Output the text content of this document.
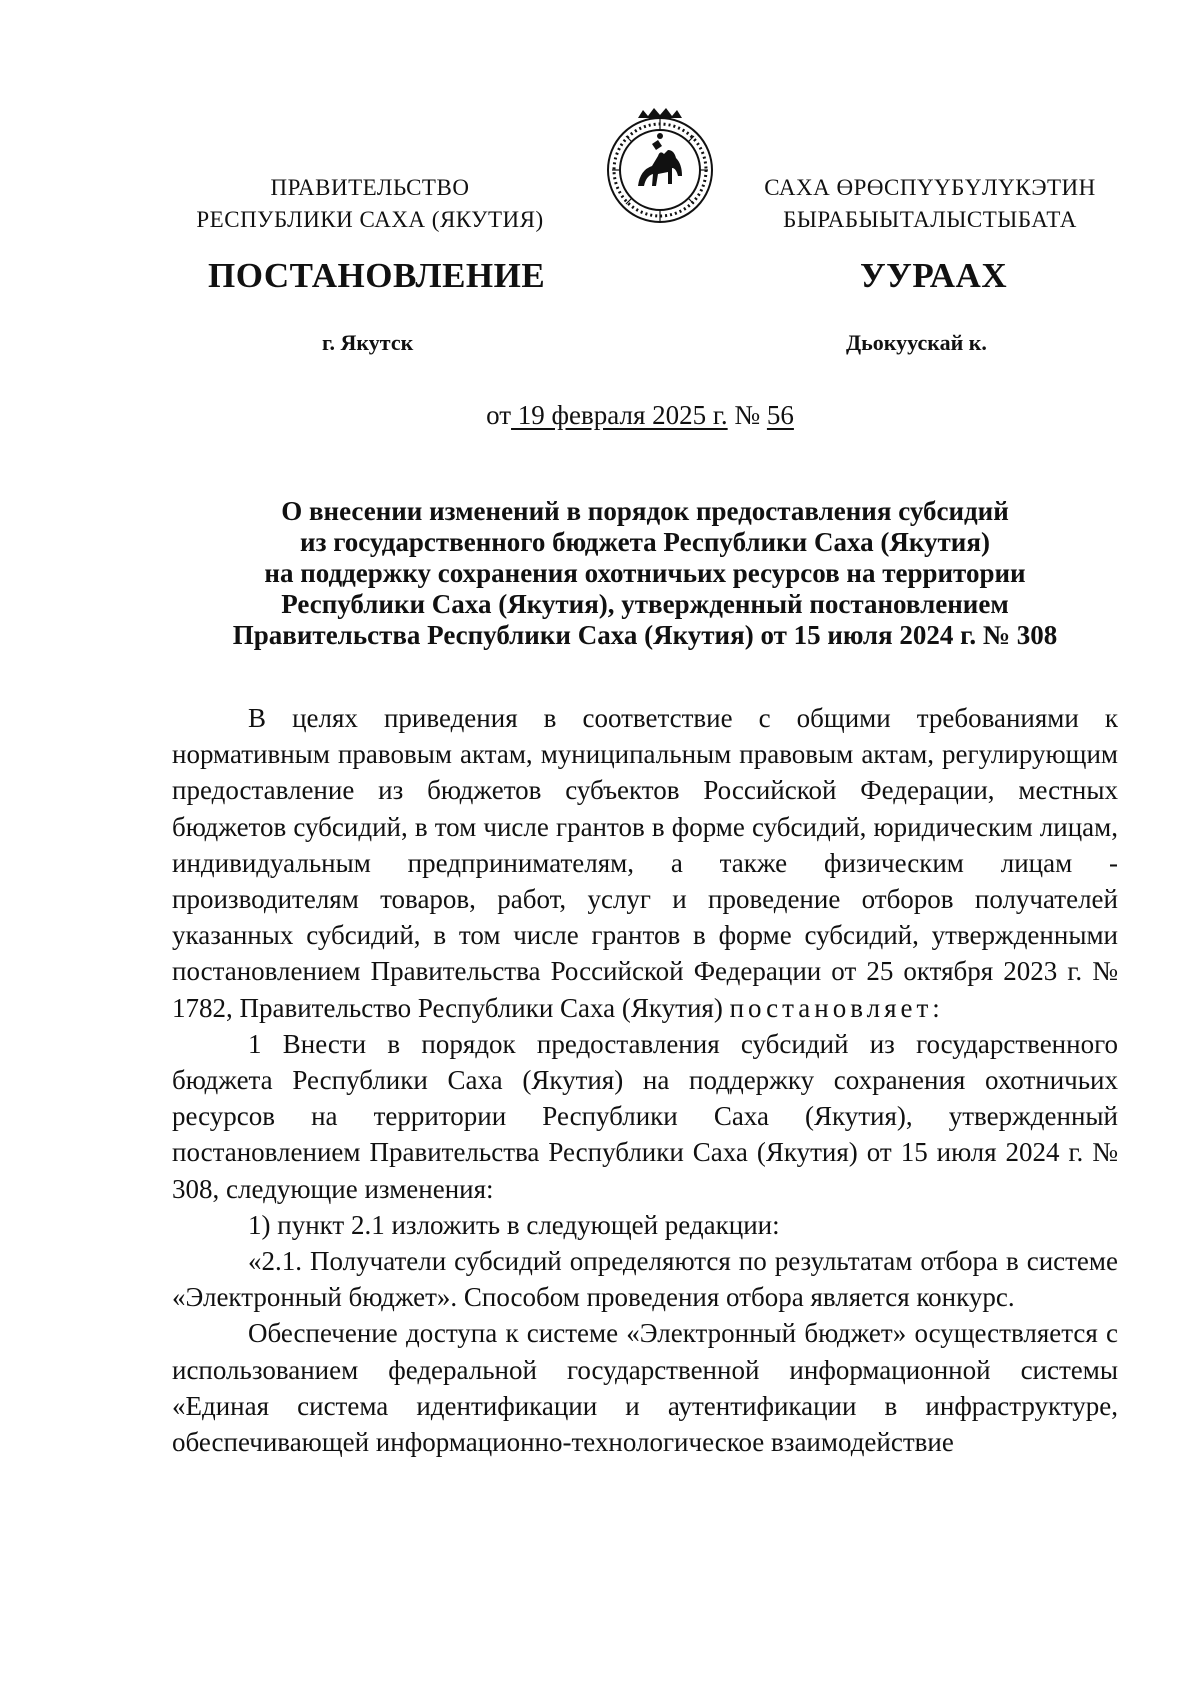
ПРАВИТЕЛЬСТВО
РЕСПУБЛИКИ САХА (ЯКУТИЯ)
САХА ӨРӨСПҮҮБҮЛҮКЭТИН
БЫРАБЫЫТАЛЫСТЫБАТА
ПОСТАНОВЛЕНИЕ	УУРААХ
г. Якутск	Дьокуускай к.
от 19 февраля 2025 г. № 56
О внесении изменений в порядок предоставления субсидий
из государственного бюджета Республики Саха (Якутия)
на поддержку сохранения охотничьих ресурсов на территории
Республики Саха (Якутия), утвержденный постановлением
Правительства Республики Саха (Якутия) от 15 июля 2024 г. № 308

В целях приведения в соответствие с общими требованиями к нормативным правовым актам, муниципальным правовым актам, регулирующим предоставление из бюджетов субъектов Российской Федерации, местных бюджетов субсидий, в том числе грантов в форме субсидий, юридическим лицам, индивидуальным предпринимателям, а также физическим лицам - производителям товаров, работ, услуг и проведение отборов получателей указанных субсидий, в том числе грантов в форме субсидий, утвержденными постановлением Правительства Российской Федерации от 25 октября 2023 г. № 1782, Правительство Республики Саха (Якутия) постановляет:

1 Внести в порядок предоставления субсидий из государственного бюджета Республики Саха (Якутия) на поддержку сохранения охотничьих ресурсов на территории Республики Саха (Якутия), утвержденный постановлением Правительства Республики Саха (Якутия) от 15 июля 2024 г. № 308, следующие изменения:

1) пункт 2.1 изложить в следующей редакции:

«2.1. Получатели субсидий определяются по результатам отбора в системе «Электронный бюджет». Способом проведения отбора является конкурс.

Обеспечение доступа к системе «Электронный бюджет» осуществляется с использованием федеральной государственной информационной системы «Единая система идентификации и аутентификации в инфраструктуре, обеспечивающей информационно-технологическое взаимодействие
